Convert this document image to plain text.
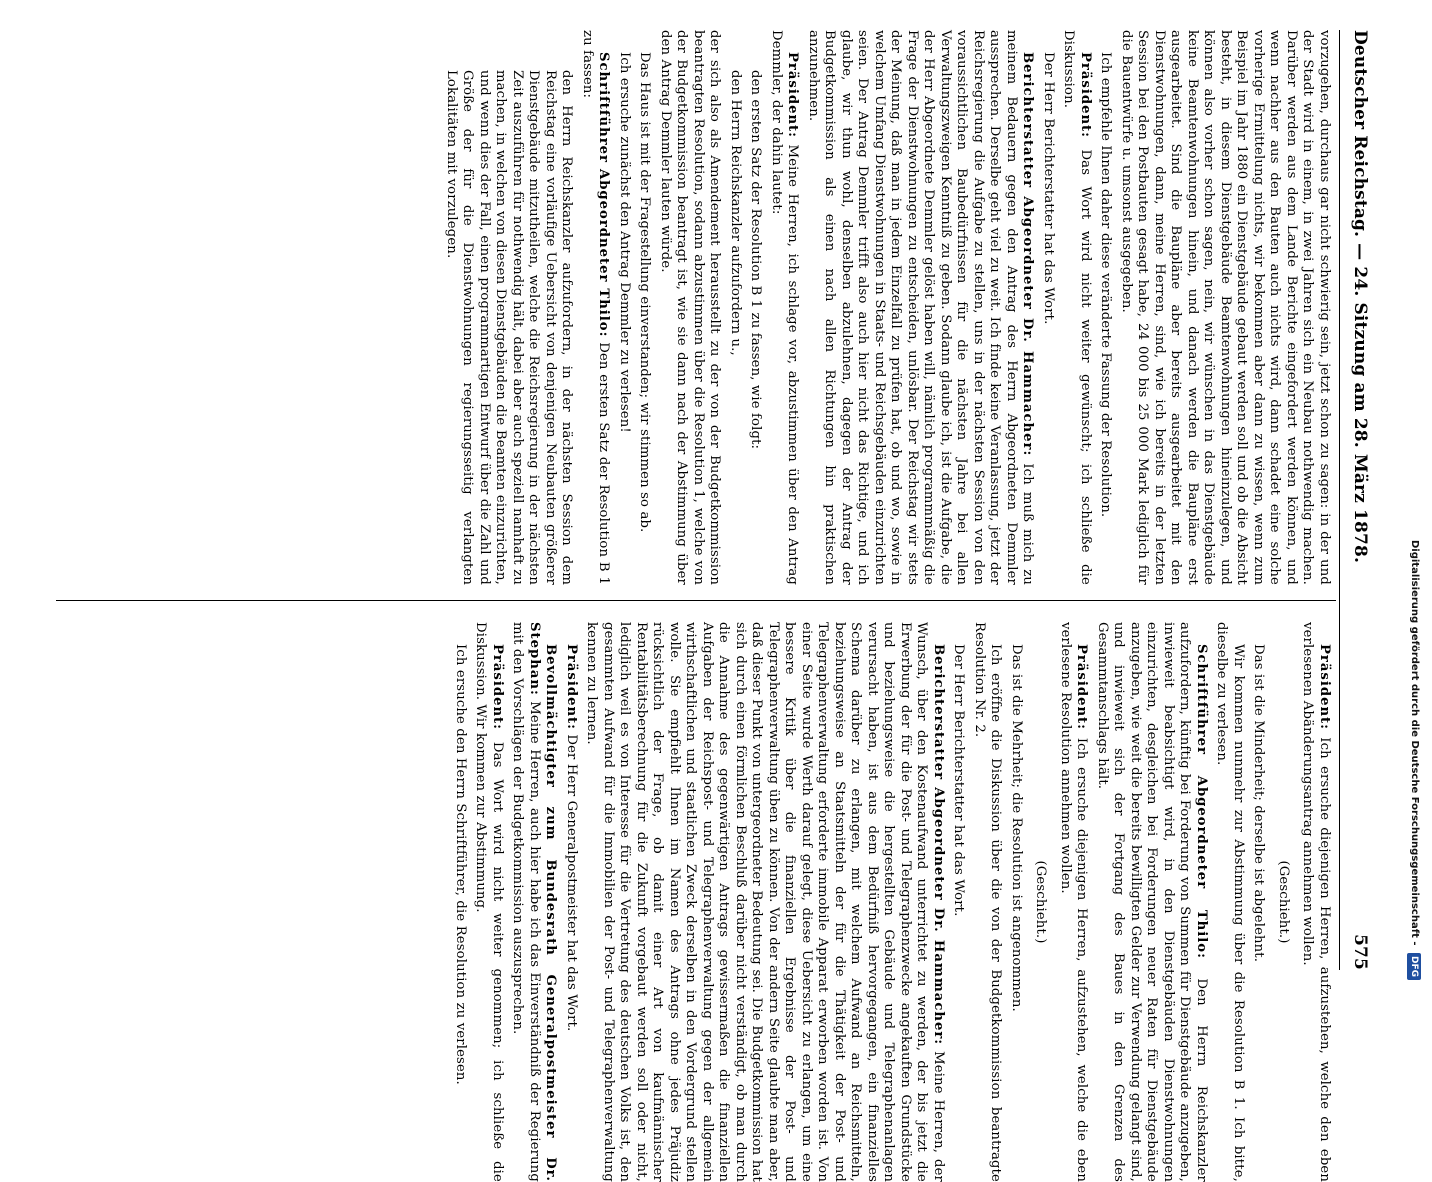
Deutscher Reichstag. — 24. Sitzung am 28. März 1878.
575

vorzugehen, durchaus gar nicht schwierig sein, jetzt schon zu sagen: in der und der Stadt wird in einem, in zwei Jahren sich ein Neubau nothwendig machen. Darüber werden aus dem Lande Berichte eingefordert werden können, und wenn nachher aus den Bauten auch nichts wird, dann schadet eine solche vorherige Ermittelung nichts, wir bekommen aber dann zu wissen, wenn zum Beispiel im Jahr 1880 ein Dienstgebäude gebaut werden soll und ob die Absicht besteht, in diesem Dienstgebäude Beamtenwohnungen hineinzulegen, und können also vorher schon sagen, nein, wir wünschen in das Dienstgebäude keine Beamtenwohnungen hinein, und danach werden die Baupläne erst ausgearbeitet. Sind die Baupläne aber bereits ausgearbeitet mit den Dienstwohnungen, dann, meine Herren, sind, wie ich bereits in der letzten Session bei den Postbauten gesagt habe, 24 000 bis 25 000 Mark lediglich für die Bauentwürfe u. umsonst ausgegeben.

Ich empfehle Ihnen daher diese veränderte Fassung der Resolution.

Präsident: Das Wort wird nicht weiter gewünscht; ich schließe die Diskussion.

Der Herr Berichterstatter hat das Wort.

Berichterstatter Abgeordneter Dr. Hammacher: Ich muß mich zu meinem Bedauern gegen den Antrag des Herrn Abgeordneten Demmler aussprechen. Derselbe geht viel zu weit. Ich finde keine Veranlassung, jetzt der Reichsregierung die Aufgabe zu stellen, uns in der nächsten Session von den voraussichtlichen Baubedürfnissen für die nächsten Jahre bei allen Verwaltungszweigen Kenntniß zu geben. Sodann glaube ich, ist die Aufgabe, die der Herr Abgeordnete Demmler gelöst haben will, nämlich programmmäßig die Frage der Dienstwohnungen zu entscheiden, unlösbar. Der Reichstag wir stets der Meinung, daß man in jedem Einzelfall zu prüfen hat, ob und wo, sowie in welchem Umfang Dienstwohnungen in Staats- und Reichsgebäuden einzurichten seien. Der Antrag Demmler trifft also auch hier nicht das Richtige, und ich glaube, wir thun wohl, denselben abzulehnen, dagegen der Antrag der Budgetkommission als einen nach allen Richtungen hin praktischen anzunehmen.

Präsident: Meine Herren, ich schlage vor, abzustimmen über den Antrag Demmler, der dahin lautet:

den ersten Satz der Resolution B 1 zu fassen, wie folgt:

den Herrn Reichskanzler aufzufordern u.,

der sich also als Amendement herausstellt zu der von der Budgetkommission beantragten Resolution, sodann abzustimmen über die Resolution 1, welche von der Budgetkommission beantragt ist, wie sie dann nach der Abstimmung über den Antrag Demmler lauten würde.

Das Haus ist mit der Fragestellung einverstanden; wir stimmen so ab.

Ich ersuche zunächst den Antrag Demmler zu verlesen!

Schriftführer Abgeordneter Thilo: Den ersten Satz der Resolution B 1 zu fassen:

den Herrn Reichskanzler aufzufordern, in der nächsten Session dem Reichstag eine vorläufige Uebersicht von denjenigen Neubauten größerer Dienstgebäude mitzutheilen, welche die Reichsregierung in der nächsten Zeit auszuführen für nothwendig hält, dabei aber auch speziell namhaft zu machen, in welchen von diesen Dienstgebäuden die Beamten einzurichten, und wenn dies der Fall, einen programmartigen Entwurf über die Zahl und Größe der für die Dienstwohnungen regierungsseitig verlangten Lokalitäten mit vorzulegen.

Präsident: Ich ersuche diejenigen Herren, aufzustehen, welche den eben verlesenen Abänderungsantrag annehmen wollen.

(Geschieht.)

Das ist die Minderheit; derselbe ist abgelehnt.

Wir kommen nunmehr zur Abstimmung über die Resolution B 1. Ich bitte, dieselbe zu verlesen.

Schriftführer Abgeordneter Thilo: Den Herrn Reichskanzler aufzufordern, künftig bei Forderung von Summen für Dienstgebäude anzugeben, inwieweit beabsichtigt wird, in den Dienstgebäuden Dienstwohnungen einzurichten, desgleichen bei Forderungen neuer Raten für Dienstgebäude anzugeben, wie weit die bereits bewilligten Gelder zur Verwendung gelangt sind, und inwieweit sich der Fortgang des Baues in den Grenzen des Gesammtanschlags hält.

Präsident: Ich ersuche diejenigen Herren, aufzustehen, welche die eben verlesene Resolution annehmen wollen.

(Geschieht.)

Das ist die Mehrheit; die Resolution ist angenommen.

Ich eröffne die Diskussion über die von der Budgetkommission beantragte Resolution Nr. 2.

Der Herr Berichterstatter hat das Wort.

Berichterstatter Abgeordneter Dr. Hammacher: Meine Herren, der Wunsch, über den Kostenaufwand unterrichtet zu werden, der bis jetzt die Erwerbung der für die Post- und Telegraphenzwecke angekauften Grundstücke und beziehungsweise die hergestellten Gebäude und Telegraphenanlagen verursacht haben, ist aus dem Bedürfniß hervorgegangen, ein finanzielles Schema darüber zu erlangen, mit welchem Aufwand an Reichsmitteln, beziehungsweise an Staatsmitteln der für die Thätigkeit der Post- und Telegraphenverwaltung erforderte immobile Apparat erworben worden ist. Von einer Seite wurde Werth darauf gelegt, diese Uebersicht zu erlangen, um eine bessere Kritik über die finanziellen Ergebnisse der Post- und Telegraphenverwaltung üben zu können. Von der andern Seite glaubte man aber, daß dieser Punkt von untergeordneter Bedeutung sei. Die Budgetkommission hat sich durch einen förmlichen Beschluß darüber nicht verständigt, ob man durch die Annahme des gegenwärtigen Antrags gewissermaßen die finanziellen Aufgaben der Reichspost- und Telegraphenverwaltung gegen der allgemein wirthschaftlichen und staatlichen Zweck derselben in den Vordergrund stellen wolle. Sie empfiehlt Ihnen im Namen des Antrags ohne jedes Präjudiz rücksichtlich der Frage, ob damit einer Art von kaufmännischer Rentabilitätsberechnung für die Zukunft vorgebaut werden soll oder nicht, lediglich weil es von Interesse für die Vertretung des deutschen Volks ist, den gesammten Aufwand für die Immobilien der Post- und Telegraphenverwaltung kennen zu lernen.

Präsident: Der Herr Generalpostmeister hat das Wort.

Bevollmächtigter zum Bundesrath Generalpostmeister Dr. Stephan: Meine Herren, auch hier habe ich das Einverständniß der Regierung mit den Vorschlägen der Budgetkommission auszusprechen.

Präsident: Das Wort wird nicht weiter genommen; ich schließe die Diskussion. Wir kommen zur Abstimmung.

Ich ersuche den Herrn Schriftführer, die Resolution zu verlesen.	Digitalisierung gefördert durch die Deutsche Forschungsgemeinschaft - DFG
